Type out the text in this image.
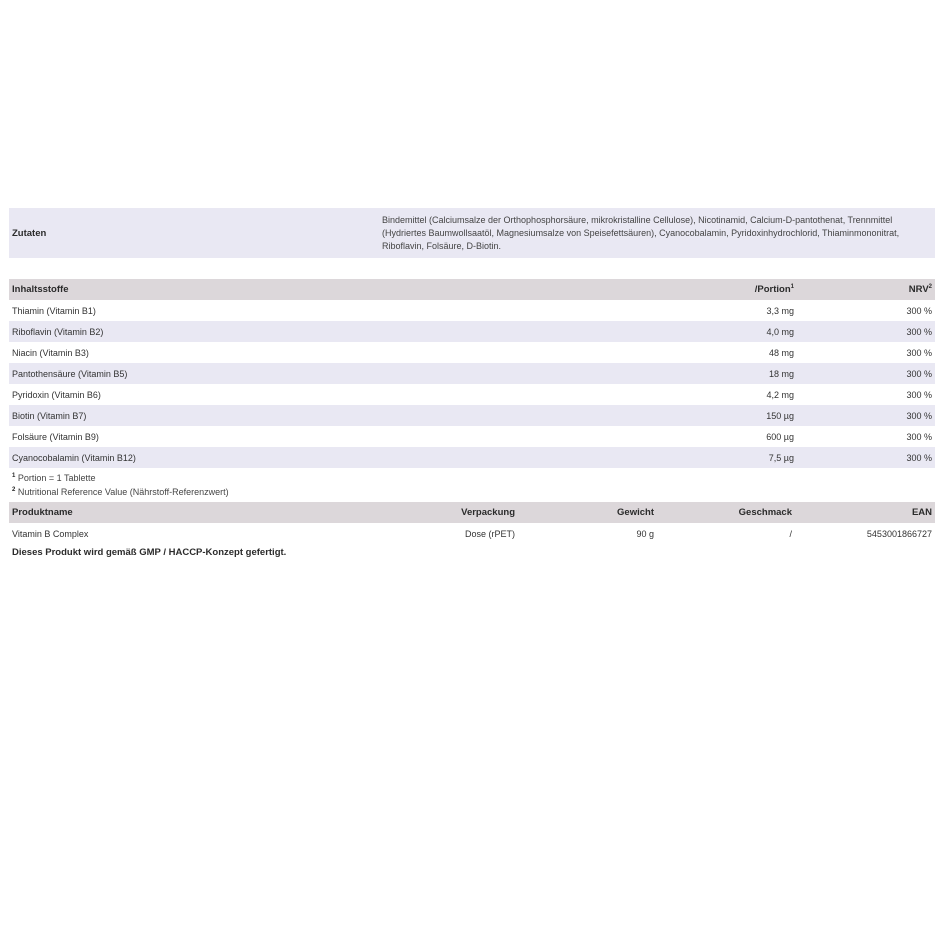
Zutaten
Bindemittel (Calciumsalze der Orthophosphorsäure, mikrokristalline Cellulose), Nicotinamid, Calcium-D-pantothenat, Trennmittel (Hydriertes Baumwollsaatöl, Magnesiumsalze von Speisefettsäuren), Cyanocobalamin, Pyridoxinhydrochlorid, Thiaminmononitrat, Riboflavin, Folsäure, D-Biotin.
Inhaltsstoffe	/Portion$^1$	NRV$^2$
Thiamin (Vitamin B1)	3,3 mg	300 %
Riboflavin (Vitamin B2)	4,0 mg	300 %
Niacin (Vitamin B3)	48 mg	300 %
Pantothensäure (Vitamin B5)	18 mg	300 %
Pyridoxin (Vitamin B6)	4,2 mg	300 %
Biotin (Vitamin B7)	150 µg	300 %
Folsäure (Vitamin B9)	600 µg	300 %
Cyanocobalamin (Vitamin B12)	7,5 µg	300 %
$^1$ Portion = 1 Tablette
$^2$ Nutritional Reference Value (Nährstoff-Referenzwert)
Produktname	Verpackung	Gewicht	Geschmack	EAN
Vitamin B Complex	Dose (rPET)	90 g	/	5453001866727
Dieses Produkt wird gemäß GMP / HACCP-Konzept gefertigt.
